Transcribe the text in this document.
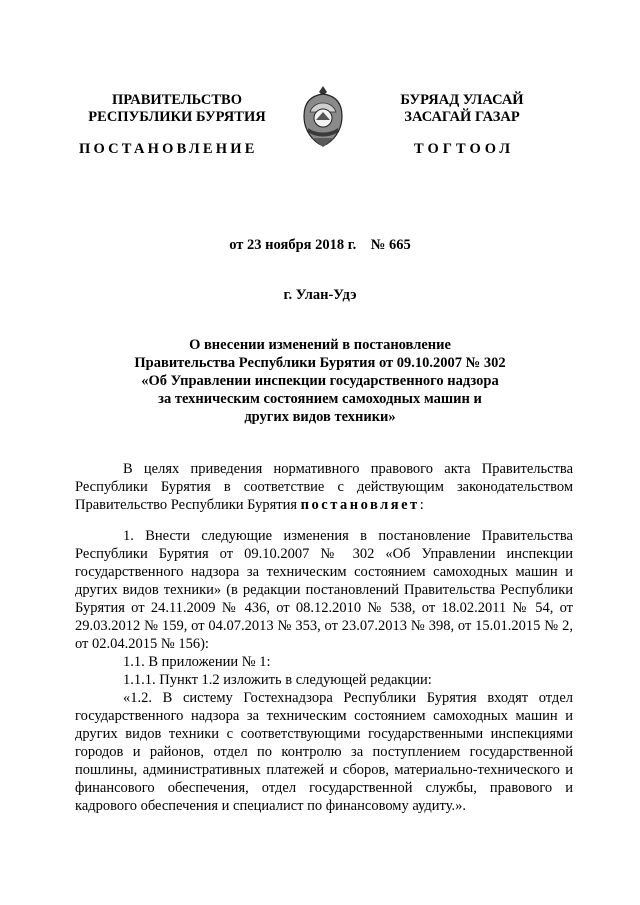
ПРАВИТЕЛЬСТВО
РЕСПУБЛИКИ БУРЯТИЯ
БУРЯАД УЛАСАЙ
ЗАСАГАЙ ГАЗАР
ПОСТАНОВЛЕНИЕ	ТОГТООЛ
от 23 ноября 2018 г.    № 665
г. Улан-Удэ
О внесении изменений в постановление
Правительства Республики Бурятия от 09.10.2007 № 302
«Об Управлении инспекции государственного надзора
за техническим состоянием самоходных машин и
других видов техники»

В целях приведения нормативного правового акта Правительства Республики Бурятия в соответствие с действующим законодательством Правительство Республики Бурятия постановляет:

1. Внести следующие изменения в постановление Правительства Республики Бурятия от 09.10.2007 № 302 «Об Управлении инспекции государственного надзора за техническим состоянием самоходных машин и других видов техники» (в редакции постановлений Правительства Республики Бурятия от 24.11.2009 № 436, от 08.12.2010 № 538, от 18.02.2011 № 54, от 29.03.2012 № 159, от 04.07.2013 № 353, от 23.07.2013 № 398, от 15.01.2015 № 2, от 02.04.2015 № 156):

1.1. В приложении № 1:

1.1.1. Пункт 1.2 изложить в следующей редакции:

«1.2. В систему Гостехнадзора Республики Бурятия входят отдел государственного надзора за техническим состоянием самоходных машин и других видов техники с соответствующими государственными инспекциями городов и районов, отдел по контролю за поступлением государственной пошлины, административных платежей и сборов, материально-технического и финансового обеспечения, отдел государственной службы, правового и кадрового обеспечения и специалист по финансовому аудиту.».
